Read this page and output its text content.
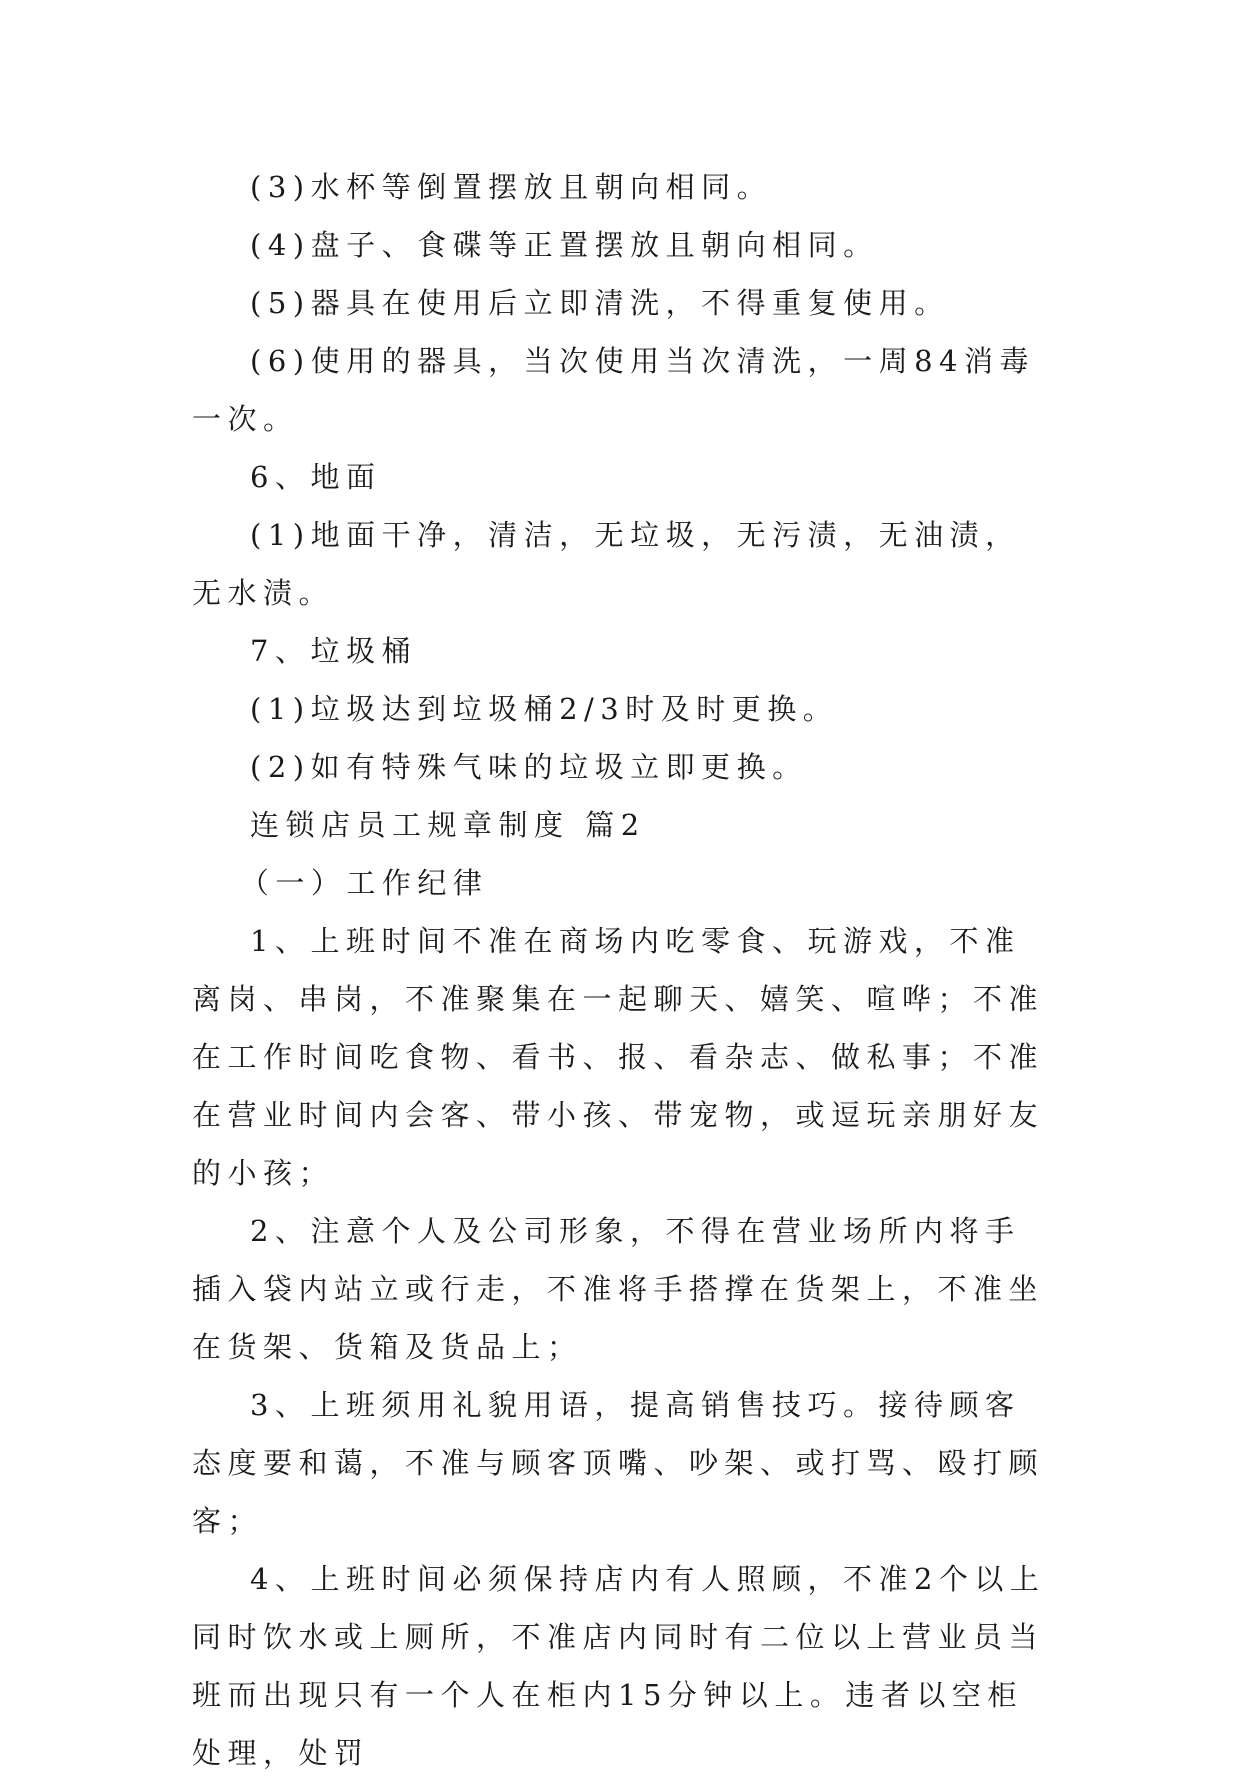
(3)水杯等倒置摆放且朝向相同。

(4)盘子、食碟等正置摆放且朝向相同。

(5)器具在使用后立即清洗，不得重复使用。

(6)使用的器具，当次使用当次清洗，一周84消毒一次。

6、地面

(1)地面干净，清洁，无垃圾，无污渍，无油渍，无水渍。

7、垃圾桶

(1)垃圾达到垃圾桶2/3时及时更换。

(2)如有特殊气味的垃圾立即更换。

连锁店员工规章制度 篇2

（一）工作纪律

1、上班时间不准在商场内吃零食、玩游戏，不准离岗、串岗，不准聚集在一起聊天、嬉笑、喧哗；不准在工作时间吃食物、看书、报、看杂志、做私事；不准在营业时间内会客、带小孩、带宠物，或逗玩亲朋好友的小孩；

2、注意个人及公司形象，不得在营业场所内将手插入袋内站立或行走，不准将手搭撑在货架上，不准坐在货架、货箱及货品上；

3、上班须用礼貌用语，提高销售技巧。接待顾客态度要和蔼，不准与顾客顶嘴、吵架、或打骂、殴打顾客；

4、上班时间必须保持店内有人照顾，不准2个以上同时饮水或上厕所，不准店内同时有二位以上营业员当班而出现只有一个人在柜内15分钟以上。违者以空柜处理，处罚
